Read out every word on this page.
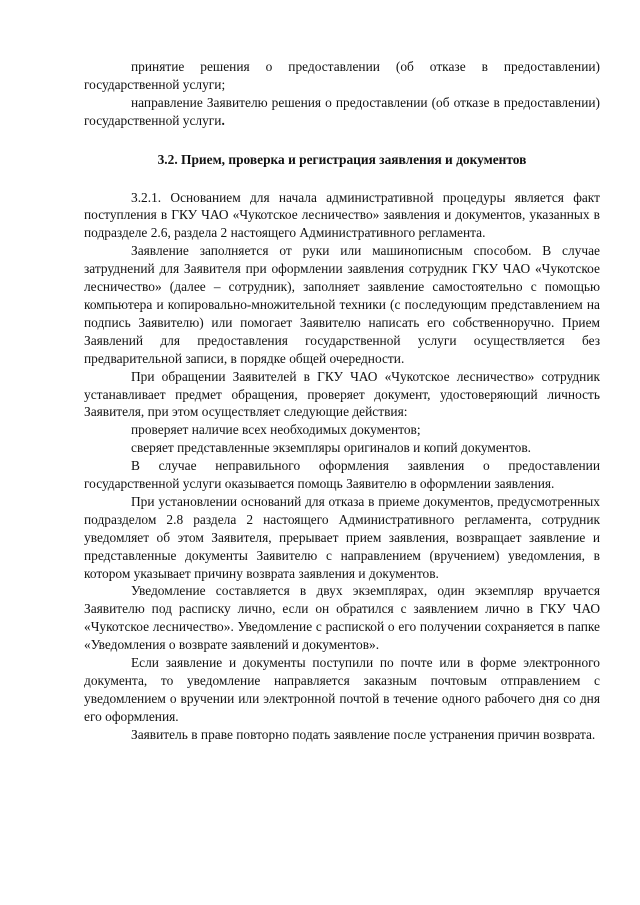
принятие решения о предоставлении (об отказе в предоставлении) государственной услуги;

направление Заявителю решения о предоставлении (об отказе в предоставлении) государственной услуги.

3.2. Прием, проверка и регистрация заявления и документов

3.2.1. Основанием для начала административной процедуры является факт поступления в ГКУ ЧАО «Чукотское лесничество» заявления и документов, указанных в подразделе 2.6, раздела 2 настоящего Административного регламента.

Заявление заполняется от руки или машинописным способом. В случае затруднений для Заявителя при оформлении заявления сотрудник ГКУ ЧАО «Чукотское лесничество» (далее – сотрудник), заполняет заявление самостоятельно с помощью компьютера и копировально-множительной техники (с последующим представлением на подпись Заявителю) или помогает Заявителю написать его собственноручно. Прием Заявлений для предоставления государственной услуги осуществляется без предварительной записи, в порядке общей очередности.

При обращении Заявителей в ГКУ ЧАО «Чукотское лесничество» сотрудник устанавливает предмет обращения, проверяет документ, удостоверяющий личность Заявителя, при этом осуществляет следующие действия:

проверяет наличие всех необходимых документов;

сверяет представленные экземпляры оригиналов и копий документов.

В случае неправильного оформления заявления о предоставлении государственной услуги оказывается помощь Заявителю в оформлении заявления.

При установлении оснований для отказа в приеме документов, предусмотренных подразделом 2.8 раздела 2 настоящего Административного регламента, сотрудник уведомляет об этом Заявителя, прерывает прием заявления, возвращает заявление и представленные документы Заявителю с направлением (вручением) уведомления, в котором указывает причину возврата заявления и документов.

Уведомление составляется в двух экземплярах, один экземпляр вручается Заявителю под расписку лично, если он обратился с заявлением лично в ГКУ ЧАО «Чукотское лесничество». Уведомление с распиской о его получении сохраняется в папке «Уведомления о возврате заявлений и документов».

Если заявление и документы поступили по почте или в форме электронного документа, то уведомление направляется заказным почтовым отправлением с уведомлением о вручении или электронной почтой в течение одного рабочего дня со дня его оформления.

Заявитель в праве повторно подать заявление после устранения причин возврата.
